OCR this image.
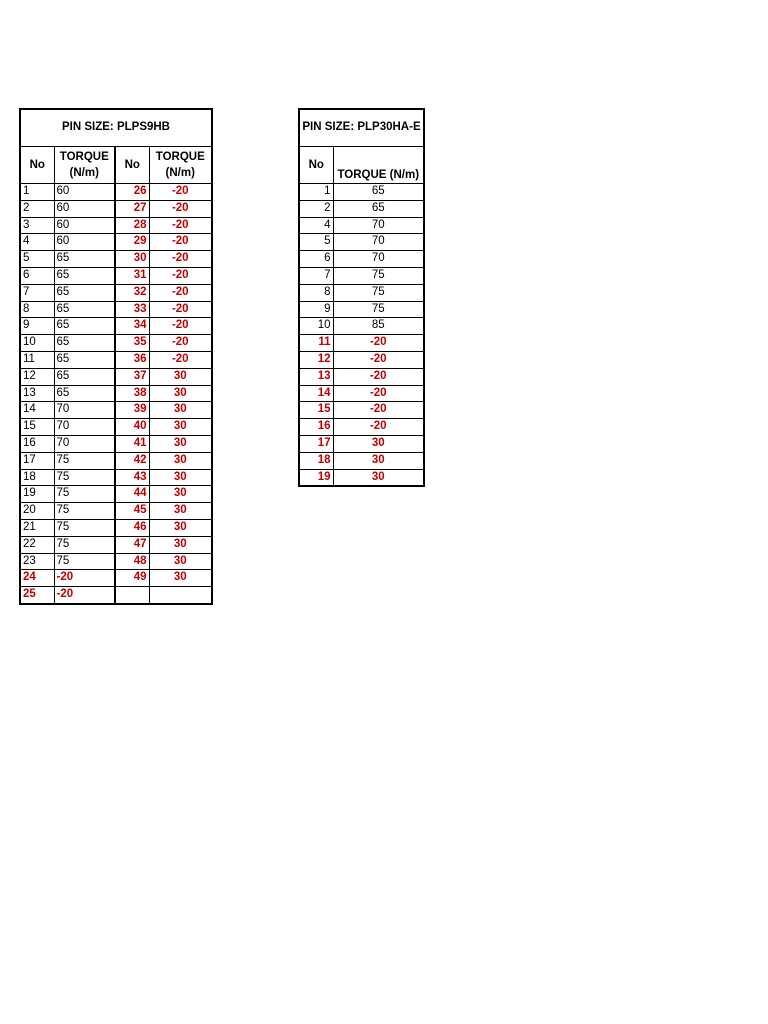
PIN SIZE: PLPS9HB			
No	TORQUE (N/m)	No	TORQUE (N/m)
1	60	26	-20
2	60	27	-20
3	60	28	-20
4	60	29	-20
5	65	30	-20
6	65	31	-20
7	65	32	-20
8	65	33	-20
9	65	34	-20
10	65	35	-20
11	65	36	-20
12	65	37	30
13	65	38	30
14	70	39	30
15	70	40	30
16	70	41	30
17	75	42	30
18	75	43	30
19	75	44	30
20	75	45	30
21	75	46	30
22	75	47	30
23	75	48	30
24	-20	49	30
25	-20		
PIN SIZE: PLP30HA-E	
No	TORQUE (N/m)
1	65
2	65
4	70
5	70
6	70
7	75
8	75
9	75
10	85
11	-20
12	-20
13	-20
14	-20
15	-20
16	-20
17	30
18	30
19	30
